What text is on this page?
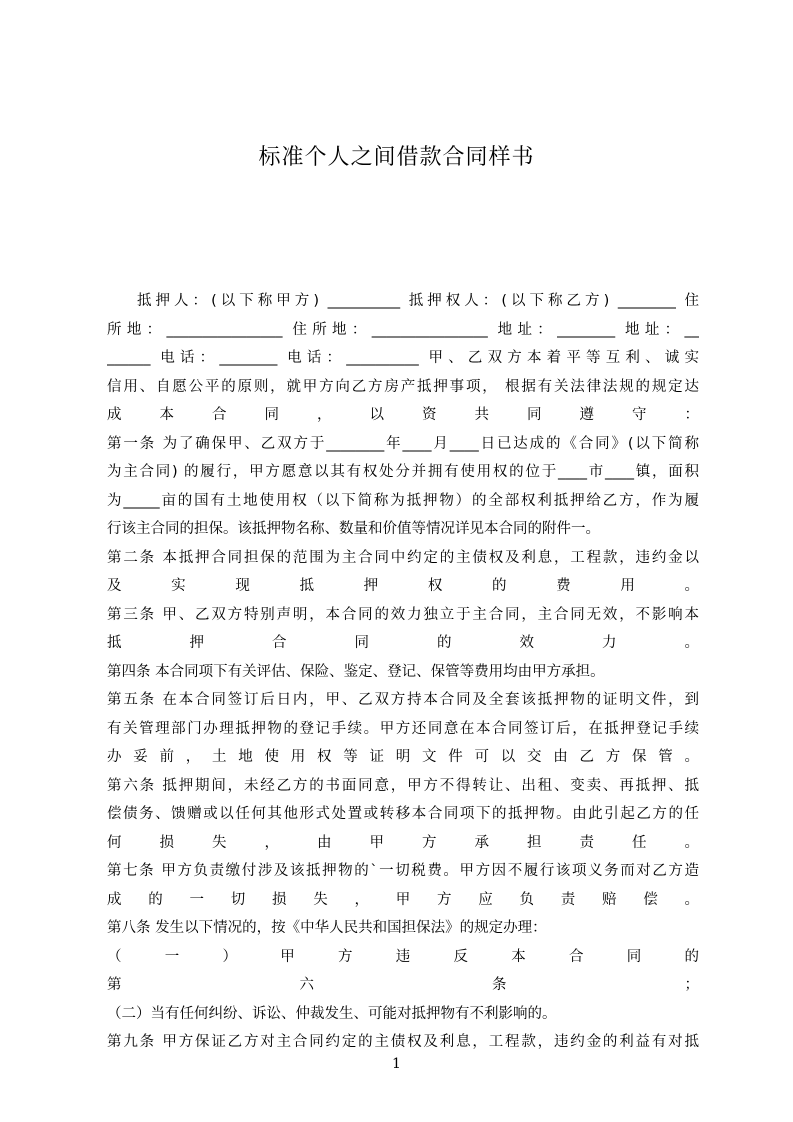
标准个人之间借款合同样书
抵押人：(以下称甲方) __________ 抵押权人：(以下称乙方) ________ 住
所地：________________ 住所地：________________ 地址：________ 地址：__
______ 电话：________ 电话：__________ 甲、乙双方本着平等互利、诚实
信用、自愿公平的原则，就甲方向乙方房产抵押事项， 根据有关法律法规的规定达
成 本 合 同 ， 以 资 共 同 遵 守 ：
第一条 为了确保甲、乙双方于________年____月____日已达成的《合同》(以下简称
为主合同) 的履行，甲方愿意以其有权处分并拥有使用权的位于____市____镇，面积
为_____亩的国有土地使用权（以下简称为抵押物）的全部权利抵押给乙方，作为履
行该主合同的担保。该抵押物名称、数量和价值等情况详见本合同的附件一。
第二条 本抵押合同担保的范围为主合同中约定的主债权及利息，工程款，违约金以
及 实 现 抵 押 权 的 费 用 。
第三条 甲、乙双方特别声明，本合同的效力独立于主合同，主合同无效，不影响本
抵 押 合 同 的 效 力 。
第四条 本合同项下有关评估、保险、鉴定、登记、保管等费用均由甲方承担。
第五条 在本合同签订后日内，甲、乙双方持本合同及全套该抵押物的证明文件，到
有关管理部门办理抵押物的登记手续。甲方还同意在本合同签订后，在抵押登记手续
办 妥 前 ， 土 地 使 用 权 等 证 明 文 件 可 以 交 由 乙 方 保 管 。
第六条 抵押期间，未经乙方的书面同意，甲方不得转让、出租、变卖、再抵押、抵
偿债务、馈赠或以任何其他形式处置或转移本合同项下的抵押物。由此引起乙方的任
何 损 失 ， 由 甲 方 承 担 责 任 。
第七条 甲方负责缴付涉及该抵押物的`一切税费。甲方因不履行该项义务而对乙方造
成 的 一 切 损 失 ， 甲 方 应 负 责 赔 偿 。
第八条 发生以下情况的，按《中华人民共和国担保法》的规定办理：
（ 一 ） 甲 方 违 反 本 合 同 的
第 六 条 ；
（二）当有任何纠纷、诉讼、仲裁发生、可能对抵押物有不利影响的。
第九条 甲方保证乙方对主合同约定的主债权及利息，工程款，违约金的利益有对抵
1
